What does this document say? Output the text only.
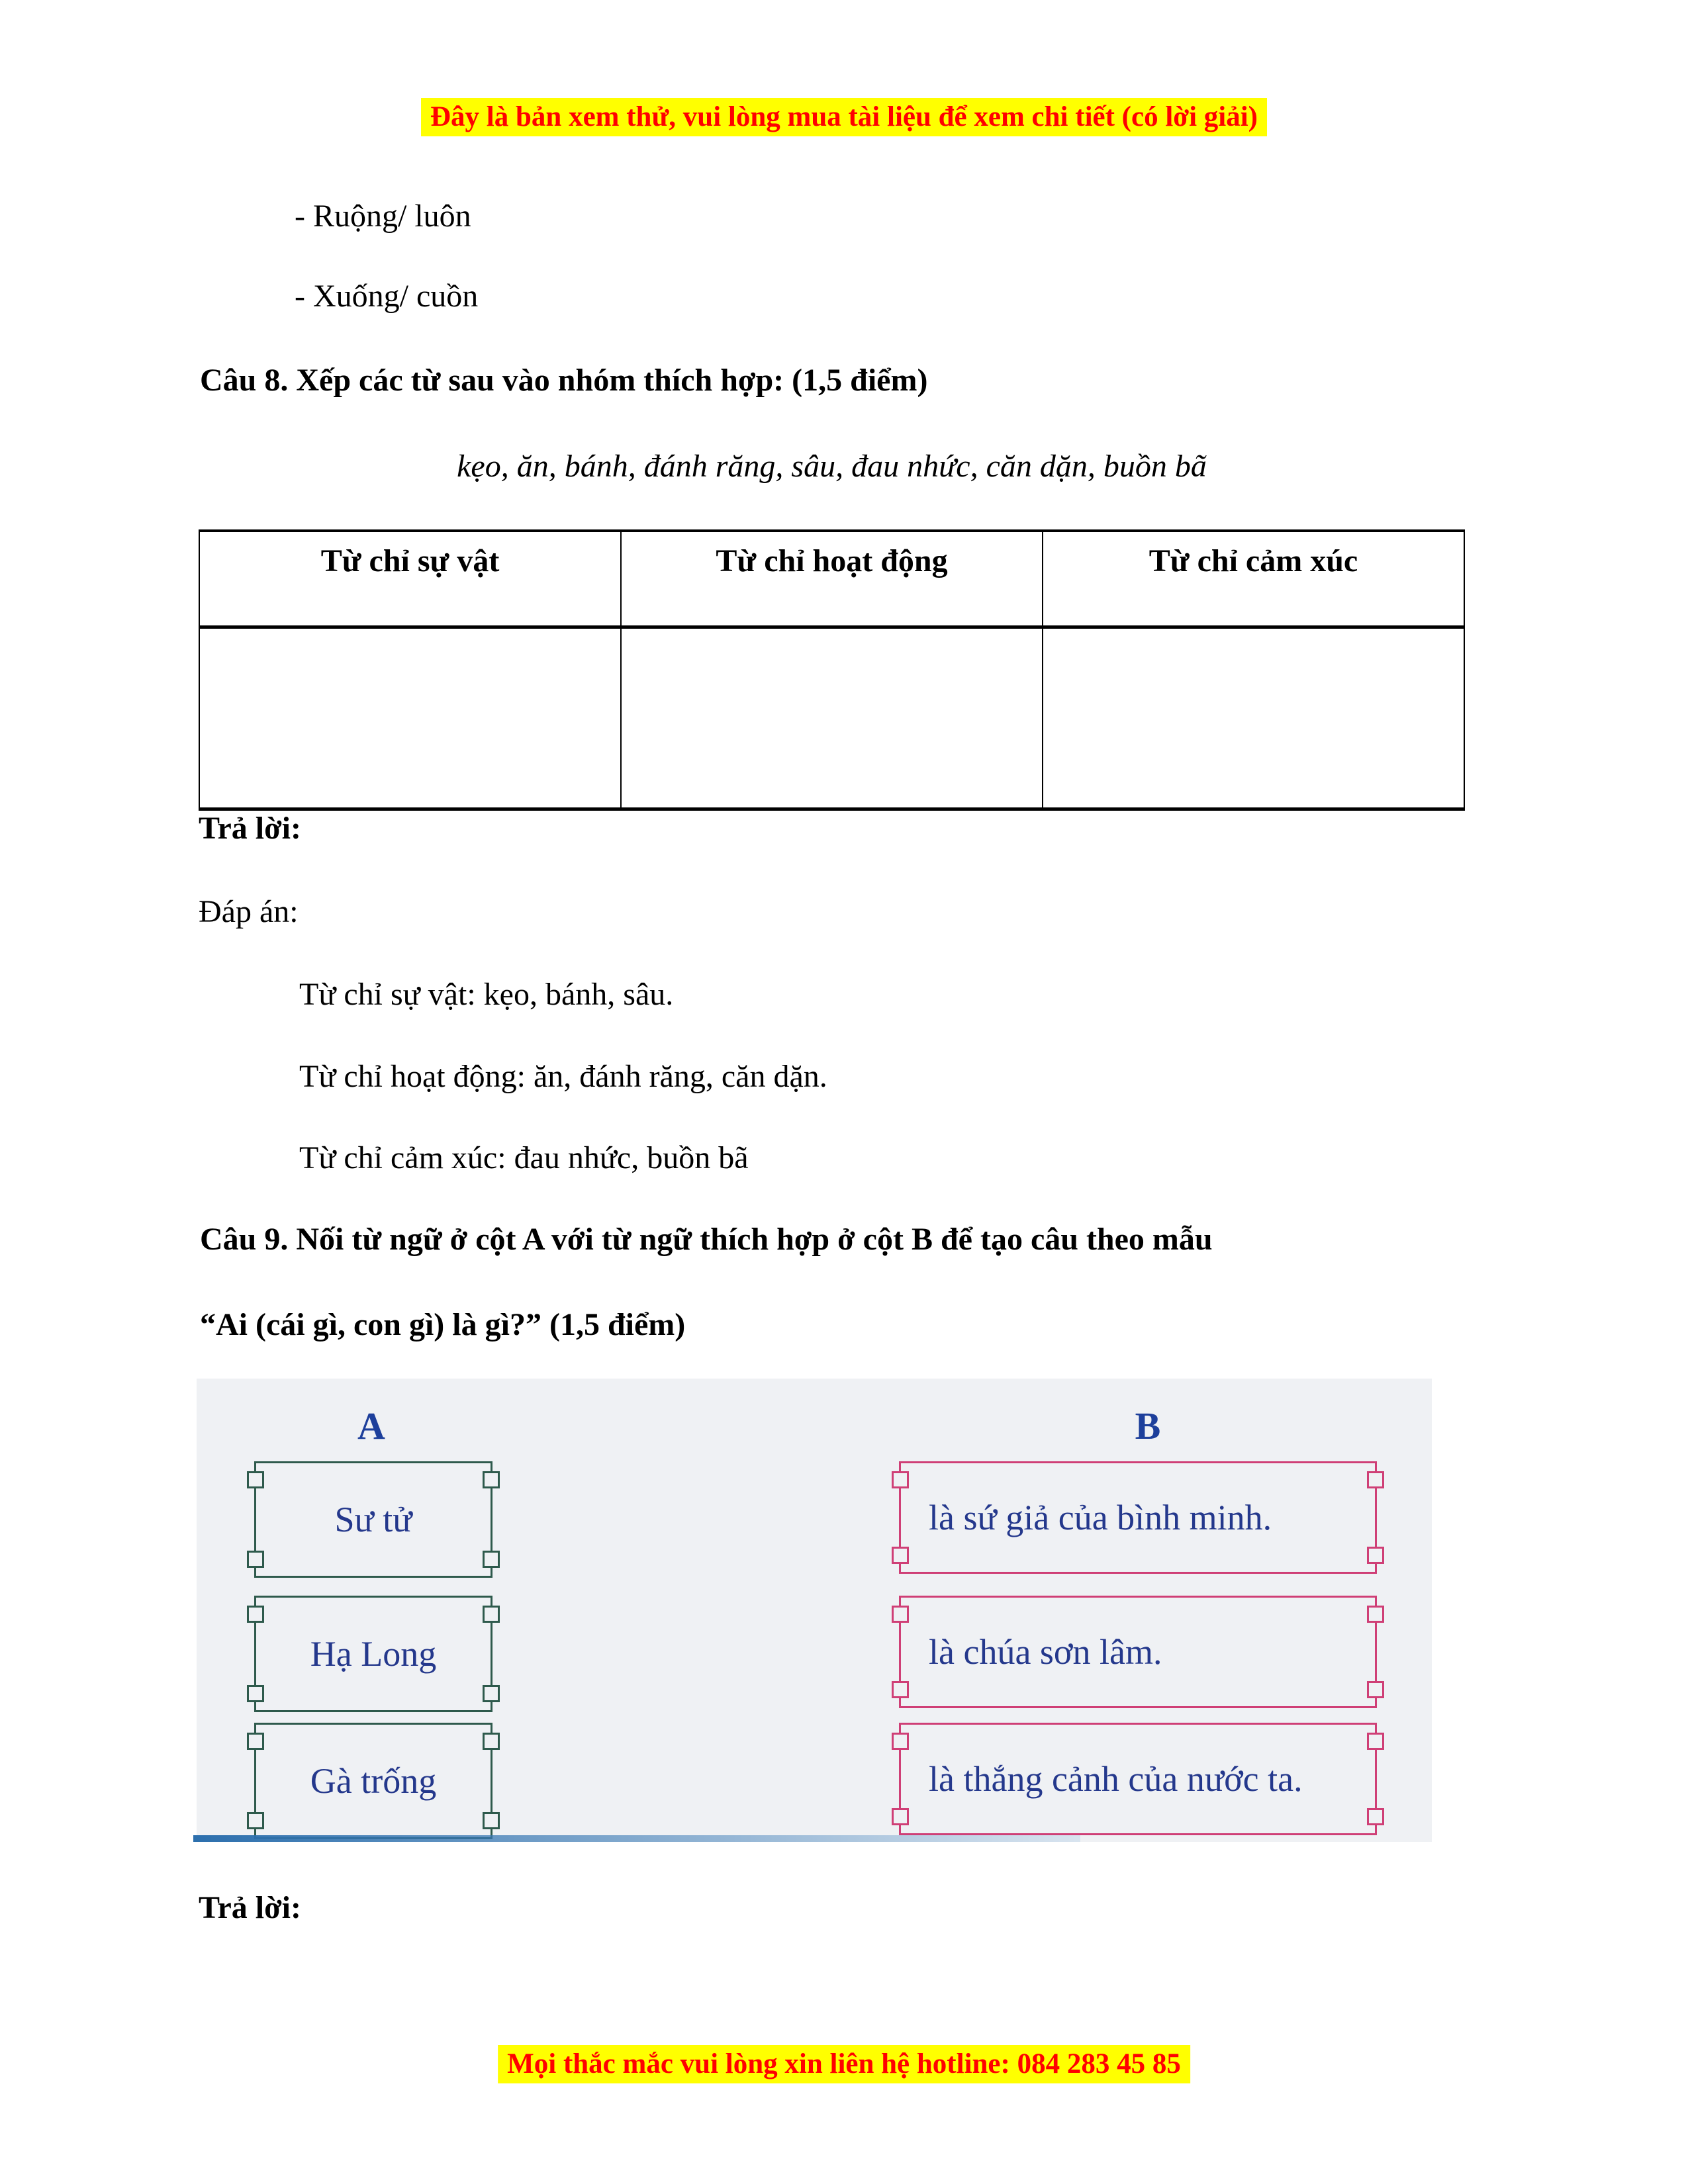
Đây là bản xem thử, vui lòng mua tài liệu để xem chi tiết (có lời giải)
- Ruộng/ luôn
- Xuống/ cuồn
Câu 8. Xếp các từ sau vào nhóm thích hợp: (1,5 điểm)
kẹo, ăn, bánh, đánh răng, sâu, đau nhức, căn dặn, buồn bã
Từ chỉ sự vật	Từ chỉ hoạt động	Từ chỉ cảm xúc

Trả lời:
Đáp án:
Từ chỉ sự vật: kẹo, bánh, sâu.
Từ chỉ hoạt động: ăn, đánh răng, căn dặn.
Từ chỉ cảm xúc: đau nhức, buồn bã
Câu 9. Nối từ ngữ ở cột A với từ ngữ thích hợp ở cột B để tạo câu theo mẫu
“Ai (cái gì, con gì) là gì?” (1,5 điểm)
A	B
Sư tử
Hạ Long
Gà trống
là sứ giả của bình minh.
là chúa sơn lâm.
là thắng cảnh của nước ta.
Trả lời:
Mọi thắc mắc vui lòng xin liên hệ hotline: 084 283 45 85
